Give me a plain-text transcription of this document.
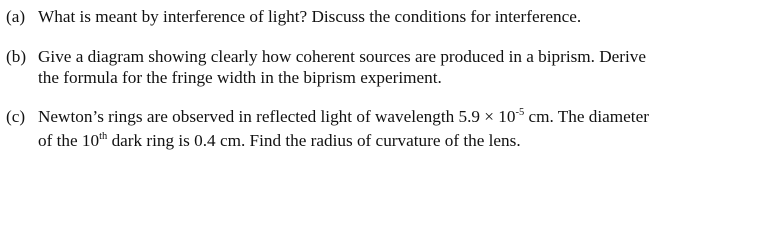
(a) What is meant by interference of light? Discuss the conditions for interference.
(b) Give a diagram showing clearly how coherent sources are produced in a biprism. Derive
the formula for the fringe width in the biprism experiment.
(c) Newton’s rings are observed in reflected light of wavelength $5.9 \times 10^{-5}$ cm. The diameter
of the 10th dark ring is 0.4 cm. Find the radius of curvature of the lens.
